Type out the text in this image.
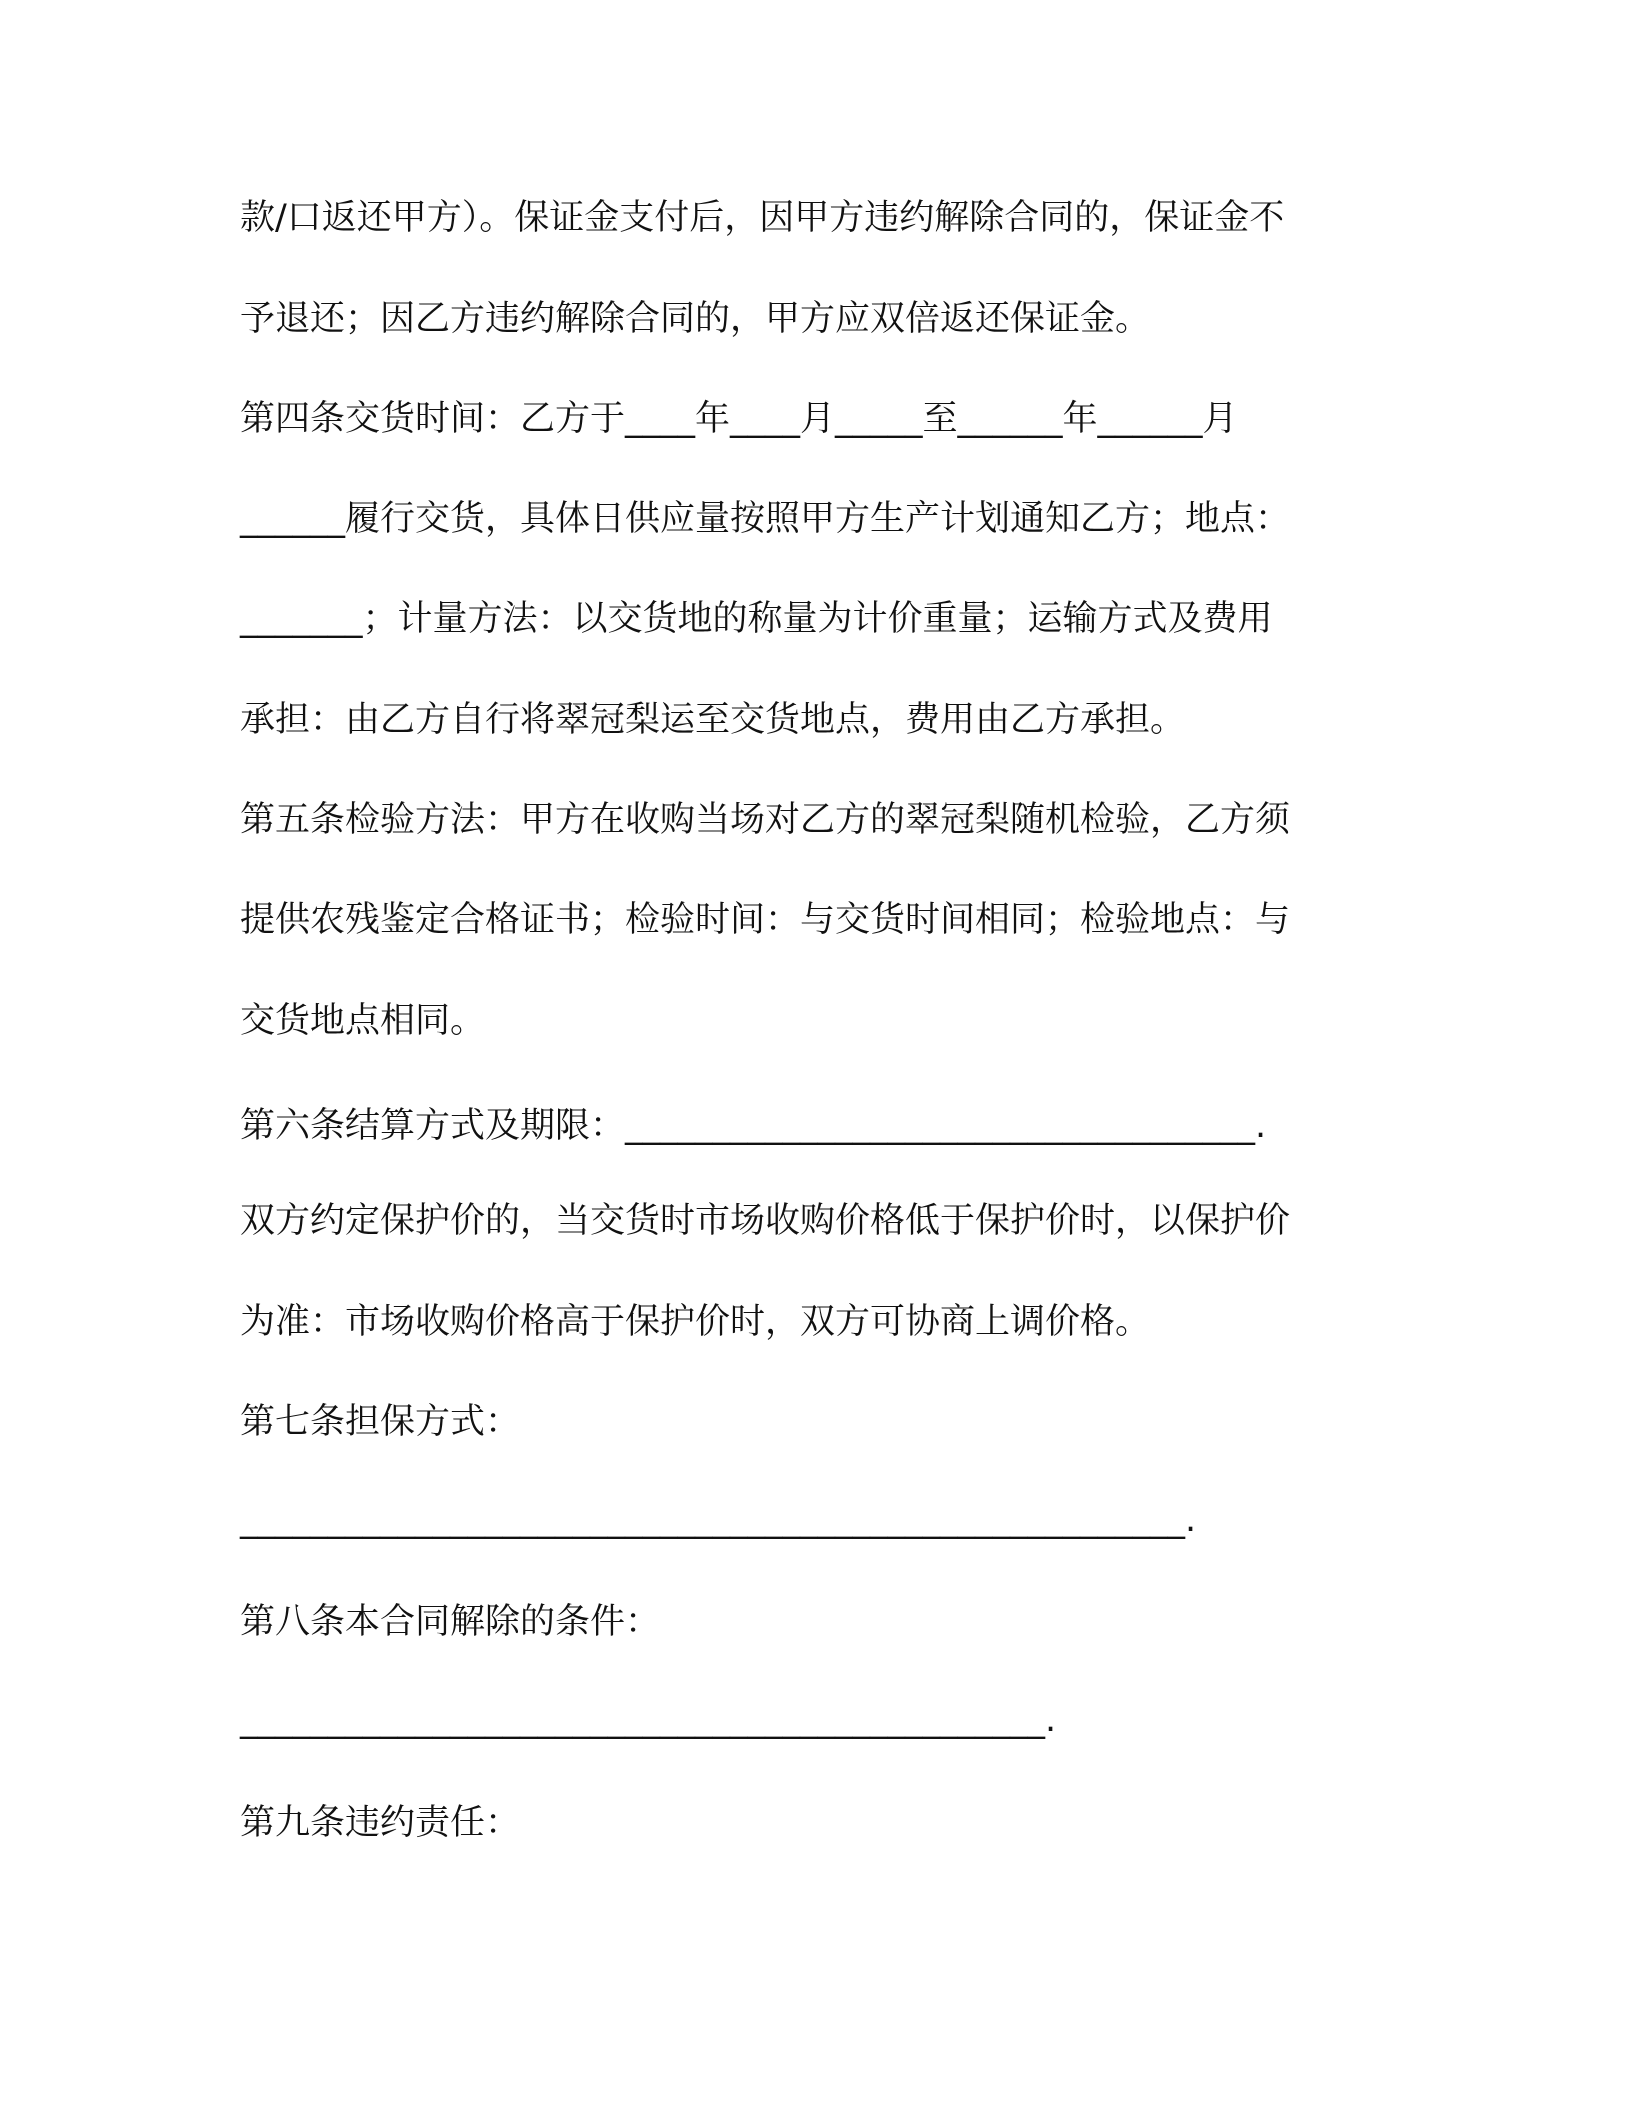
款/口返还甲方）。保证金支付后，因甲方违约解除合同的，保证金不
予退还；因乙方违约解除合同的，甲方应双倍返还保证金。
第四条交货时间：乙方于____年____月_____至______年______月
______履行交货，具体日供应量按照甲方生产计划通知乙方；地点：
_______；计量方法：以交货地的称量为计价重量；运输方式及费用
承担：由乙方自行将翠冠梨运至交货地点，费用由乙方承担。
第五条检验方法：甲方在收购当场对乙方的翠冠梨随机检验，乙方须
提供农残鉴定合格证书；检验时间：与交货时间相同；检验地点：与
交货地点相同。
第六条结算方式及期限：____________________________________.
双方约定保护价的，当交货时市场收购价格低于保护价时，以保护价
为准：市场收购价格高于保护价时，双方可协商上调价格。
第七条担保方式：
______________________________________________________.
第八条本合同解除的条件：
______________________________________________.
第九条违约责任：
